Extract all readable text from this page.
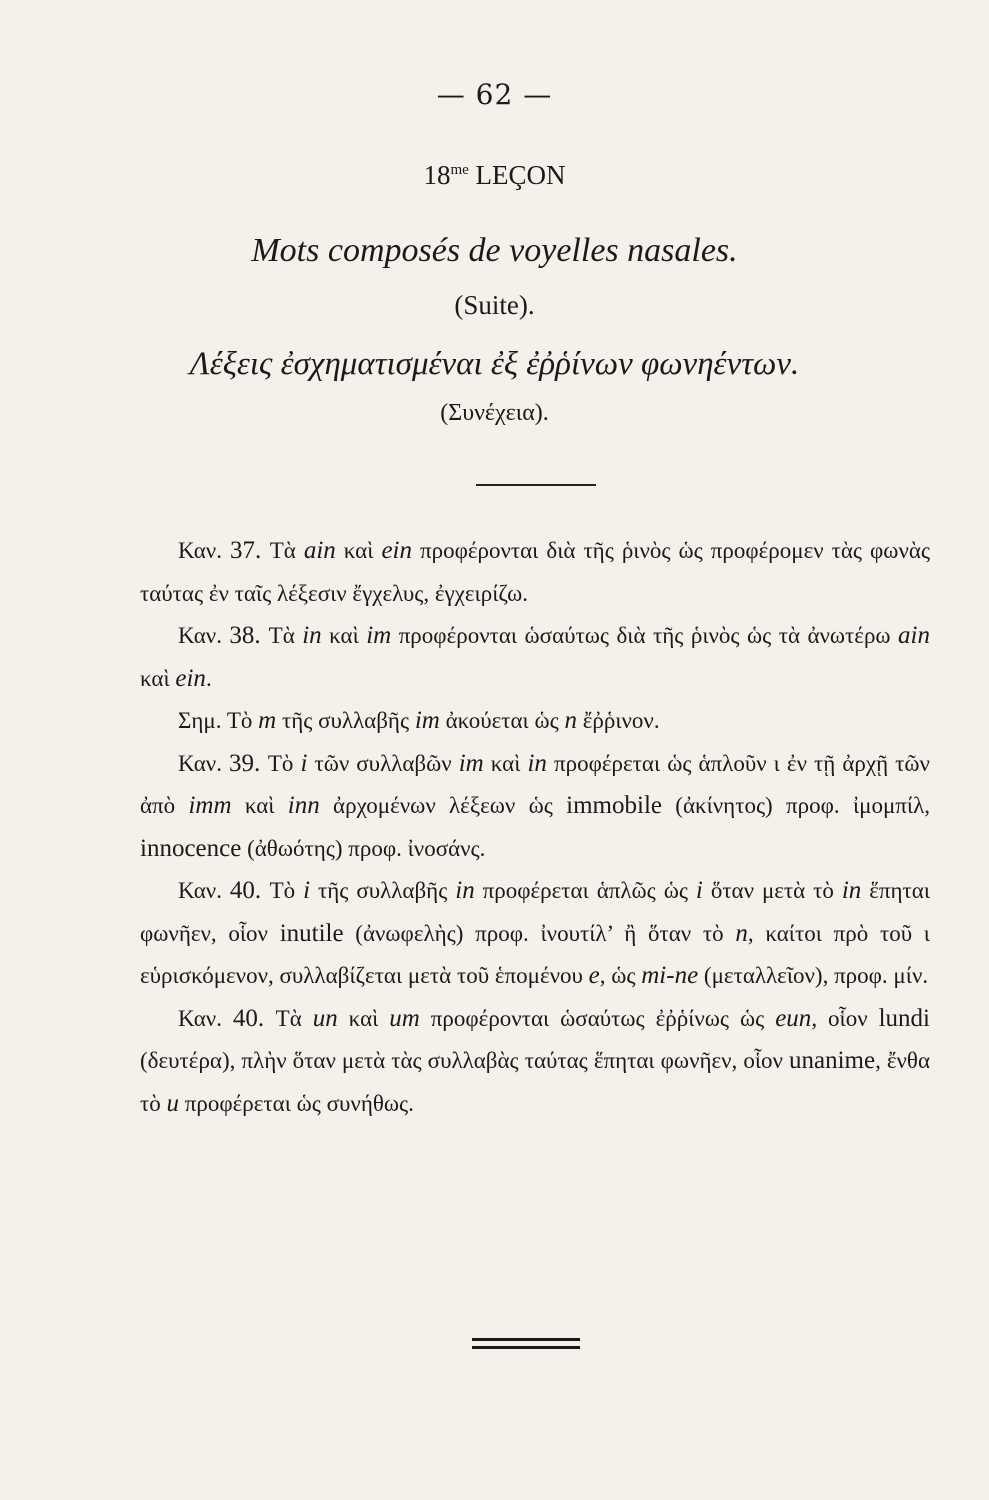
— 62 —
$18^{me}$ LEÇON
Mots composés de voyelles nasales.
(Suite).
Λέξεις ἐσχηματισμέναι ἐξ ἐῤῥίνων φωνηέντων.
(Συνέχεια).

Καν. 37. Τὰ ain καὶ ein προφέρονται διὰ τῆς ῥινὸς ὡς προφέρομεν τὰς φωνὰς ταύτας ἐν ταῖς λέξεσιν ἔγχελυς, ἐγχειρίζω.

Καν. 38. Τὰ in καὶ im προφέρονται ὡσαύτως διὰ τῆς ῥινὸς ὡς τὰ ἀνωτέρω ain καὶ ein.

Σημ. Τὸ m τῆς συλλαβῆς im ἀκούεται ὡς n ἔῤῥινον.

Καν. 39. Τὸ i τῶν συλλαβῶν im καὶ in προφέρεται ὡς ἁπλοῦν ι ἐν τῇ ἀρχῇ τῶν ἀπὸ imm καὶ inn ἀρχομένων λέξεων ὡς immobile (ἀκίνητος) προφ. ἰμομπίλ, innocence (ἀθωότης) προφ. ἰνοσάνς.

Καν. 40. Τὸ i τῆς συλλαβῆς in προφέρεται ἁπλῶς ὡς i ὅταν μετὰ τὸ in ἕπηται φωνῆεν, οἷον inutile (ἀνωφελὴς) προφ. ἰνουτίλ’ ἢ ὅταν τὸ n, καίτοι πρὸ τοῦ ι εὑρισκόμενον, συλλαβίζεται μετὰ τοῦ ἑπομένου e, ὡς mi-ne (μεταλλεῖον), προφ. μίν.

Καν. 40. Τὰ un καὶ um προφέρονται ὡσαύτως ἐῤῥίνως ὡς eun, οἷον lundi (δευτέρα), πλὴν ὅταν μετὰ τὰς συλλαβὰς ταύτας ἕπηται φωνῆεν, οἷον unanime, ἔνθα τὸ u προφέρεται ὡς συνήθως.
